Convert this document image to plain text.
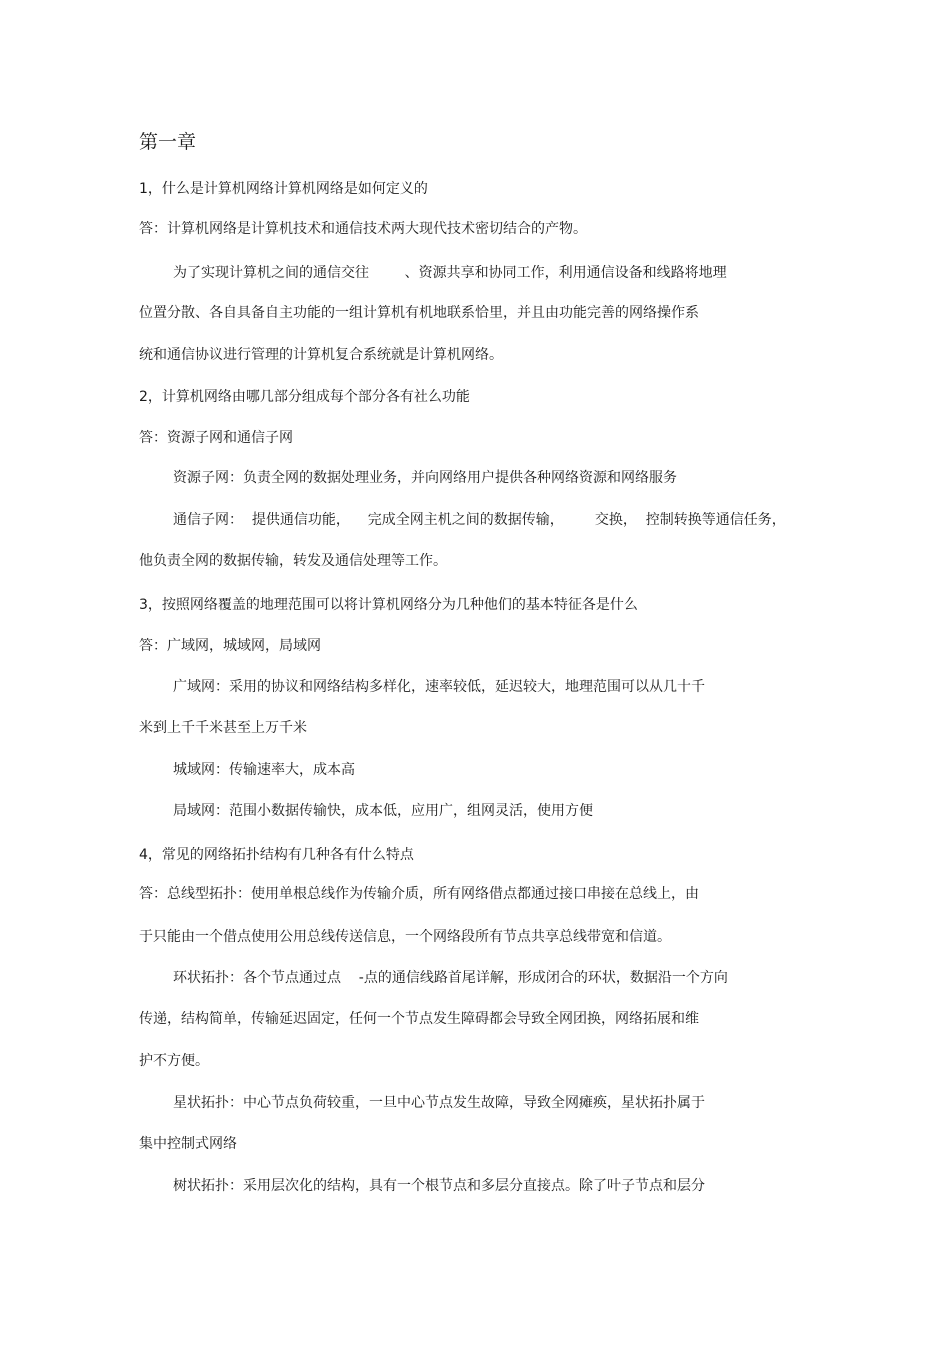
第一章
1，什么是计算机网络计算机网络是如何定义的
答：计算机网络是计算机技术和通信技术两大现代技术密切结合的产物。
为了实现计算机之间的通信交往        、资源共享和协同工作，利用通信设备和线路将地理
位置分散、各自具备自主功能的一组计算机有机地联系恰里，并且由功能完善的网络操作系
统和通信协议进行管理的计算机复合系统就是计算机网络。
2，计算机网络由哪几部分组成每个部分各有社么功能
答：资源子网和通信子网
资源子网：负责全网的数据处理业务，并向网络用户提供各种网络资源和网络服务
通信子网：  提供通信功能，    完成全网主机之间的数据传输，       交换，  控制转换等通信任务，
他负责全网的数据传输，转发及通信处理等工作。
3，按照网络覆盖的地理范围可以将计算机网络分为几种他们的基本特征各是什么
答：广域网，城域网，局域网
广域网：采用的协议和网络结构多样化，速率较低，延迟较大，地理范围可以从几十千
米到上千千米甚至上万千米
城域网：传输速率大，成本高
局域网：范围小数据传输快，成本低，应用广，组网灵活，使用方便
4，常见的网络拓扑结构有几种各有什么特点
答：总线型拓扑：使用单根总线作为传输介质，所有网络借点都通过接口串接在总线上，由
于只能由一个借点使用公用总线传送信息，一个网络段所有节点共享总线带宽和信道。
环状拓扑：各个节点通过点    -点的通信线路首尾详解，形成闭合的环状，数据沿一个方向
传递，结构简单，传输延迟固定，任何一个节点发生障碍都会导致全网团换，网络拓展和维
护不方便。
星状拓扑：中心节点负荷较重，一旦中心节点发生故障，导致全网瘫痪，星状拓扑属于
集中控制式网络
树状拓扑：采用层次化的结构，具有一个根节点和多层分直接点。除了叶子节点和层分
